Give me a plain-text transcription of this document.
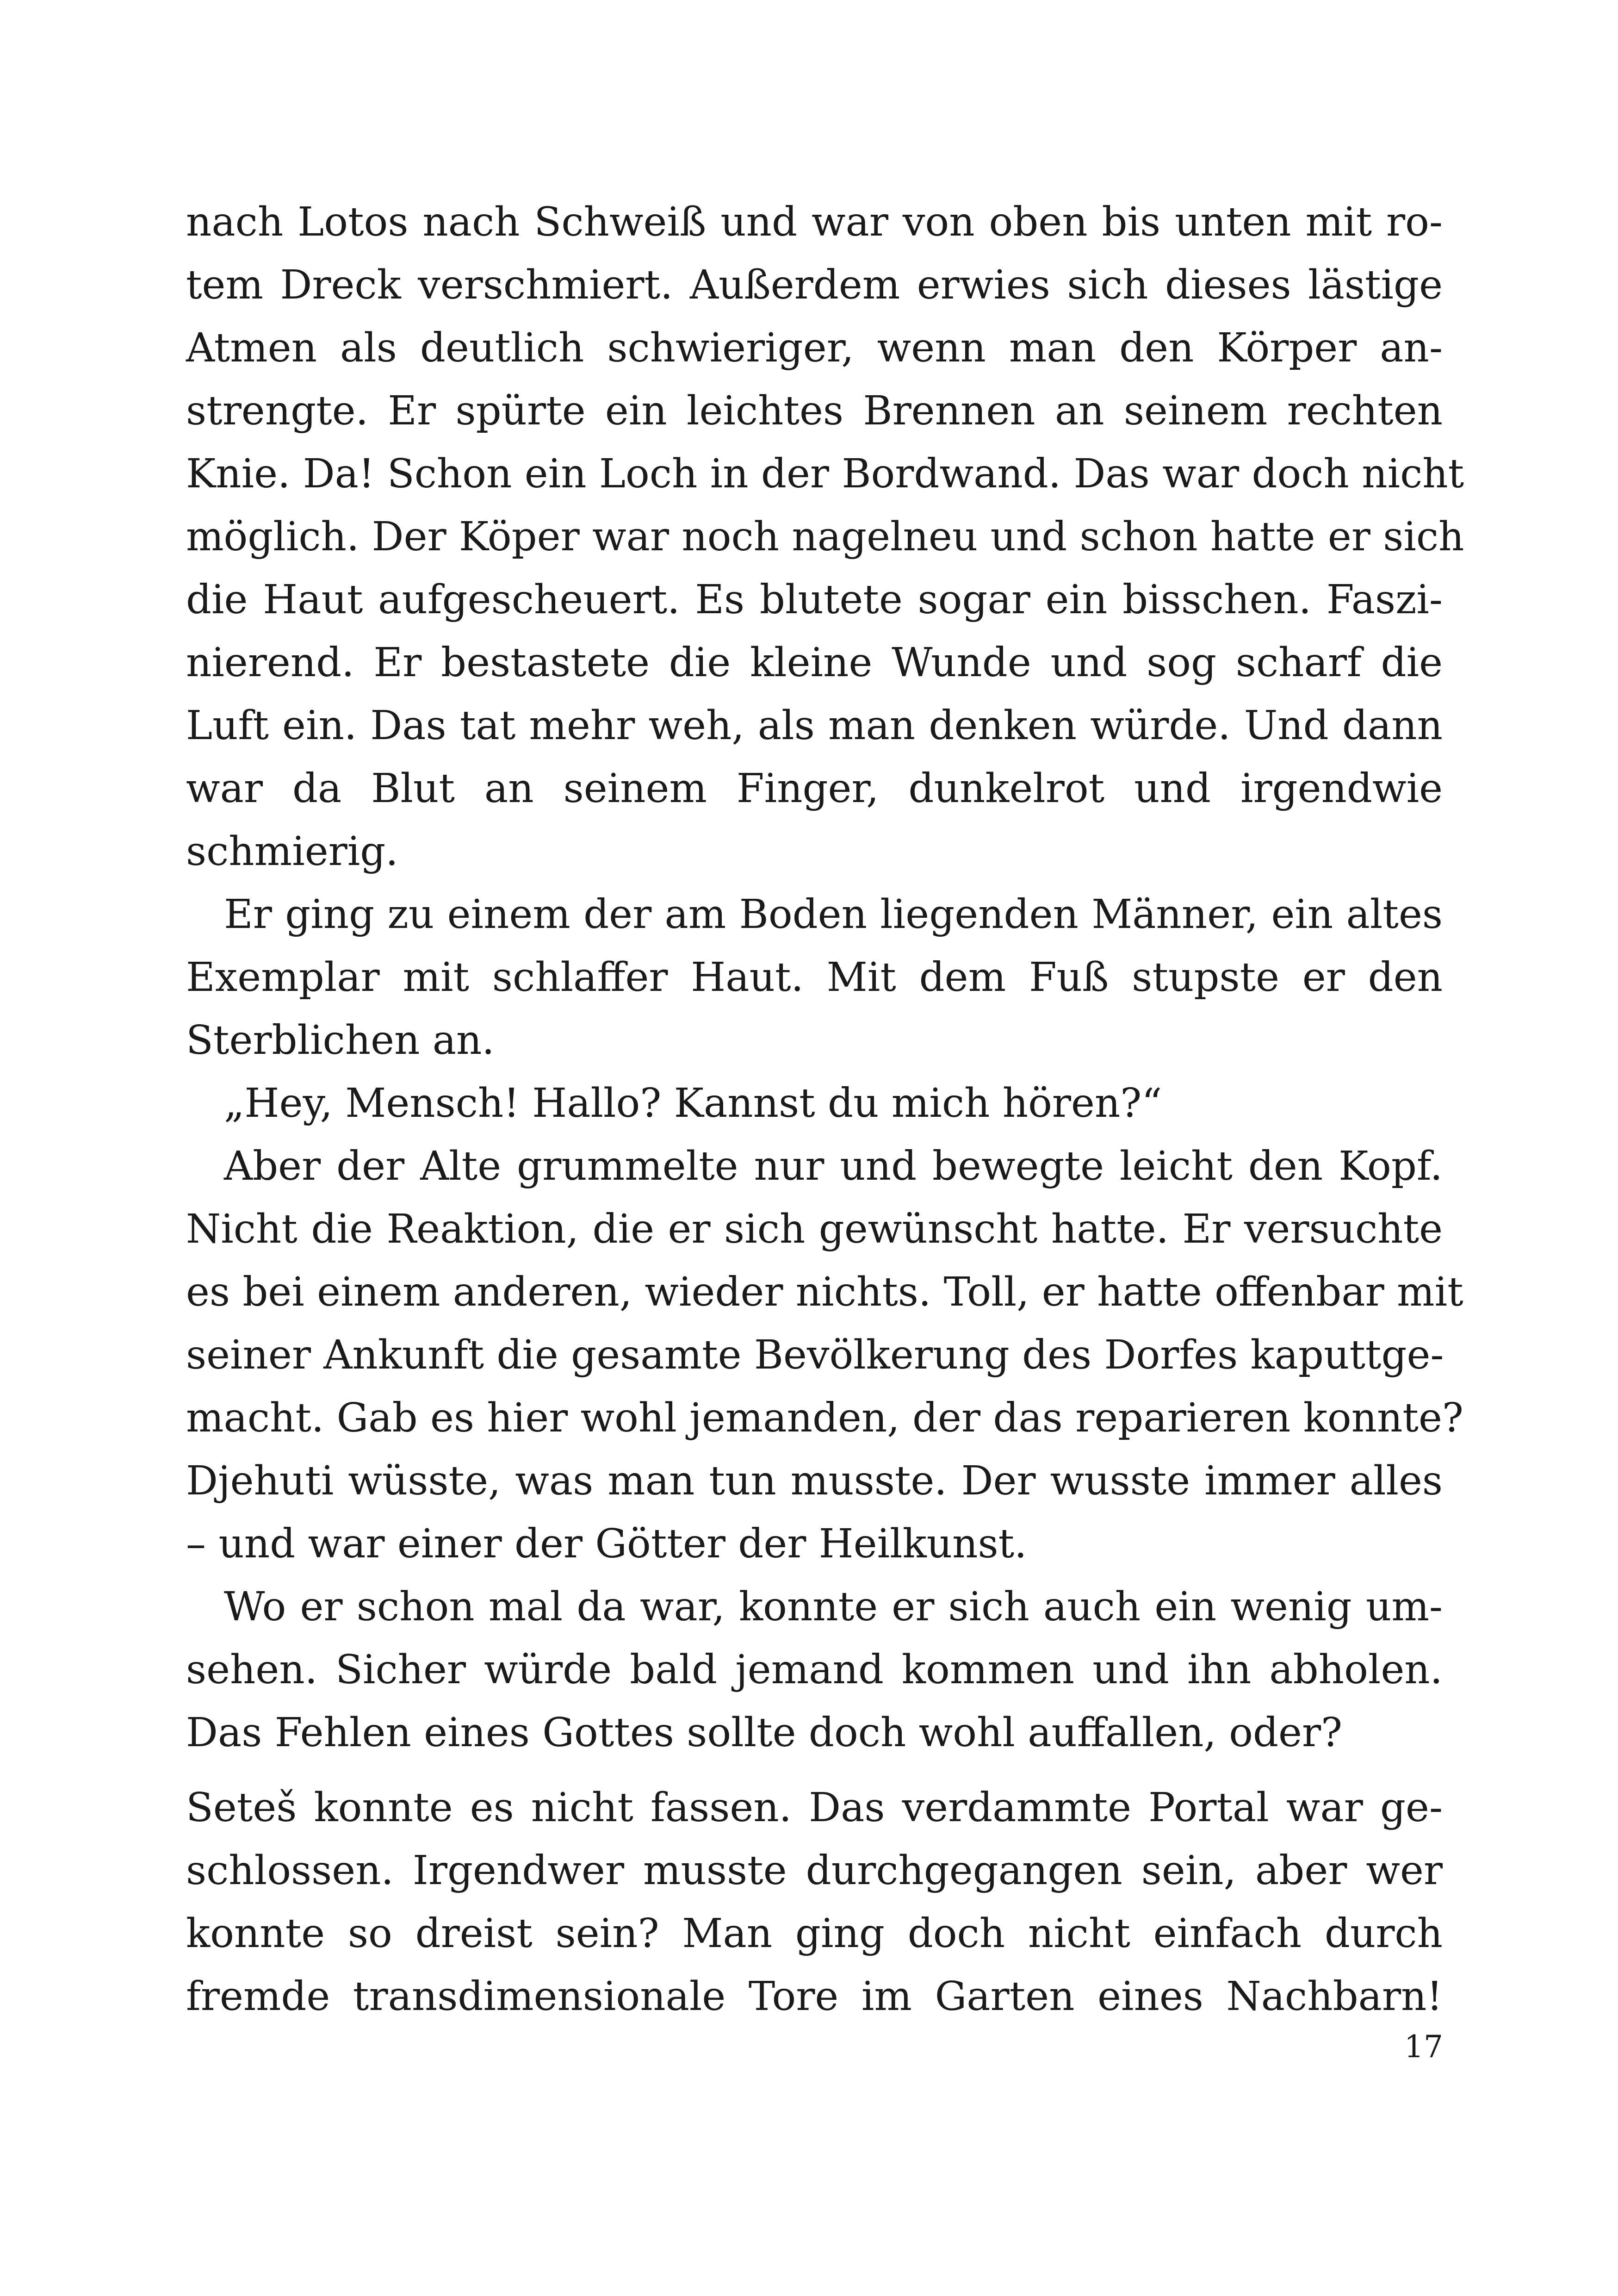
nach Lotos nach Schweiß und war von oben bis unten mit ro-
tem Dreck verschmiert. Außerdem erwies sich dieses lästige
Atmen als deutlich schwieriger, wenn man den Körper an-
strengte. Er spürte ein leichtes Brennen an seinem rechten
Knie. Da! Schon ein Loch in der Bordwand. Das war doch nicht
möglich. Der Köper war noch nagelneu und schon hatte er sich
die Haut aufgescheuert. Es blutete sogar ein bisschen. Faszi-
nierend. Er bestastete die kleine Wunde und sog scharf die
Luft ein. Das tat mehr weh, als man denken würde. Und dann
war da Blut an seinem Finger, dunkelrot und irgendwie
schmierig.
Er ging zu einem der am Boden liegenden Männer, ein altes
Exemplar mit schlaffer Haut. Mit dem Fuß stupste er den
Sterblichen an.
„Hey, Mensch! Hallo? Kannst du mich hören?“
Aber der Alte grummelte nur und bewegte leicht den Kopf.
Nicht die Reaktion, die er sich gewünscht hatte. Er versuchte
es bei einem anderen, wieder nichts. Toll, er hatte offenbar mit
seiner Ankunft die gesamte Bevölkerung des Dorfes kaputtge-
macht. Gab es hier wohl jemanden, der das reparieren konnte?
Djehuti wüsste, was man tun musste. Der wusste immer alles
– und war einer der Götter der Heilkunst.
Wo er schon mal da war, konnte er sich auch ein wenig um-
sehen. Sicher würde bald jemand kommen und ihn abholen.
Das Fehlen eines Gottes sollte doch wohl auffallen, oder?
Seteš konnte es nicht fassen. Das verdammte Portal war ge-
schlossen. Irgendwer musste durchgegangen sein, aber wer
konnte so dreist sein? Man ging doch nicht einfach durch
fremde transdimensionale Tore im Garten eines Nachbarn!
17
